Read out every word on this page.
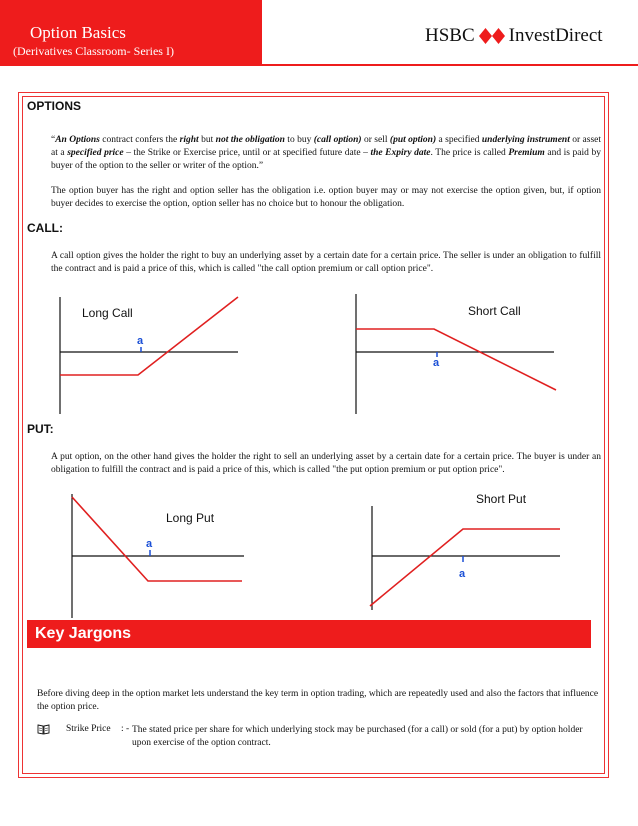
Option Basics
(Derivatives Classroom- Series I)
HSBC InvestDirect
OPTIONS
“An Options contract confers the right but not the obligation to buy (call option) or sell (put option) a specified underlying instrument or asset at a specified price – the Strike or Exercise price, until or at specified future date – the Expiry date. The price is called Premium and is paid by buyer of the option to the seller or writer of the option.”
The option buyer has the right and option seller has the obligation i.e. option buyer may or may not exercise the option given, but, if option buyer decides to exercise the option, option seller has no choice but to honour the obligation.
CALL:
A call option gives the holder the right to buy an underlying asset by a certain date for a certain price. The seller is under an obligation to fulfill the contract and is paid a price of this, which is called "the call option premium or call option price".
a
Long Call
a
Short Call
PUT:
A put option, on the other hand gives the holder the right to sell an underlying asset by a certain date for a certain price. The buyer is under an obligation to fulfill the contract and is paid a price of this, which is called "the put option premium or put option price".
a
Long Put
a
Short Put
Key Jargons
Before diving deep in the option market lets understand the key term in option trading, which are repeatedly used and also the factors that influence the option price.
Strike Price : - The stated price per share for which underlying stock may be purchased (for a call) or sold (for a put) by option holder upon exercise of the option contract.
